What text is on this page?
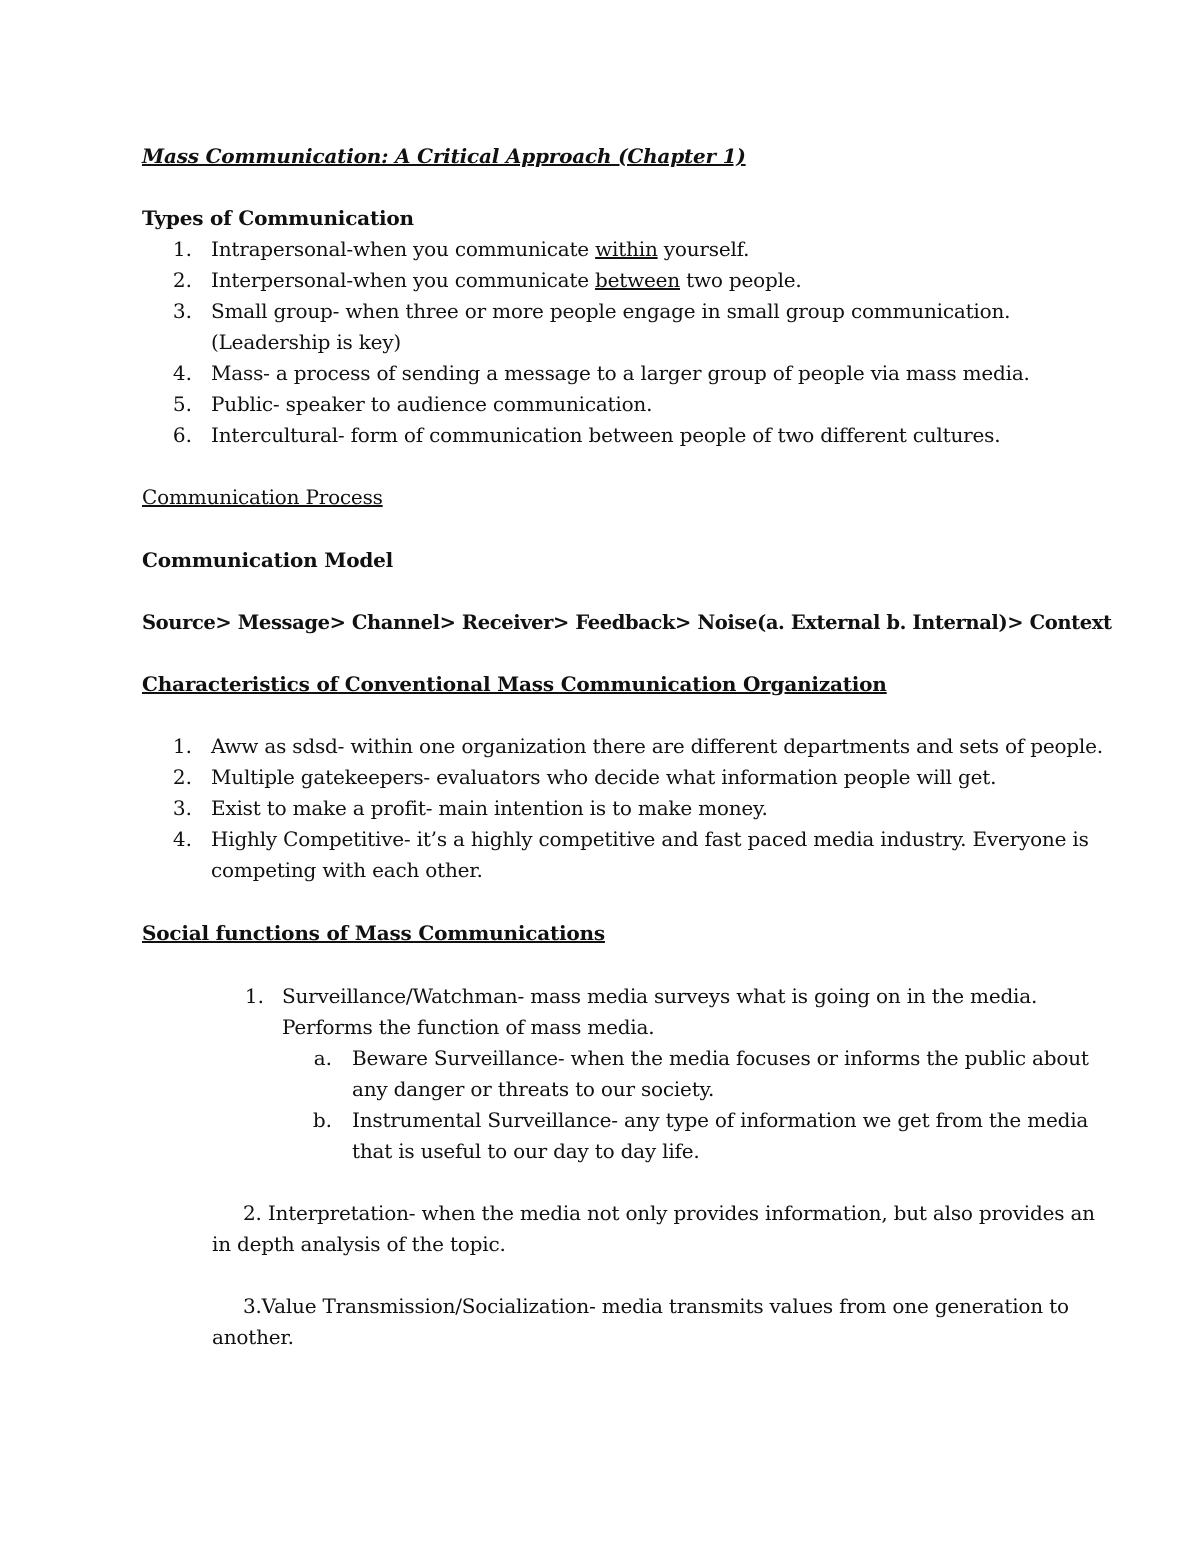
Mass Communication: A Critical Approach (Chapter 1)
Types of Communication
1. Intrapersonal-when you communicate within yourself.
2. Interpersonal-when you communicate between two people.
3. Small group- when three or more people engage in small group communication.
(Leadership is key)
4. Mass- a process of sending a message to a larger group of people via mass media.
5. Public- speaker to audience communication.
6. Intercultural- form of communication between people of two different cultures.
Communication Process
Communication Model
Source> Message> Channel> Receiver> Feedback> Noise(a. External b. Internal)> Context
Characteristics of Conventional Mass Communication Organization
1. Aww as sdsd- within one organization there are different departments and sets of people.
2. Multiple gatekeepers- evaluators who decide what information people will get.
3. Exist to make a profit- main intention is to make money.
4. Highly Competitive- it’s a highly competitive and fast paced media industry. Everyone is
competing with each other.
Social functions of Mass Communications
1. Surveillance/Watchman- mass media surveys what is going on in the media.
Performs the function of mass media.
a. Beware Surveillance- when the media focuses or informs the public about
any danger or threats to our society.
b. Instrumental Surveillance- any type of information we get from the media
that is useful to our day to day life.
2. Interpretation- when the media not only provides information, but also provides an
in depth analysis of the topic.
3.Value Transmission/Socialization- media transmits values from one generation to
another.
